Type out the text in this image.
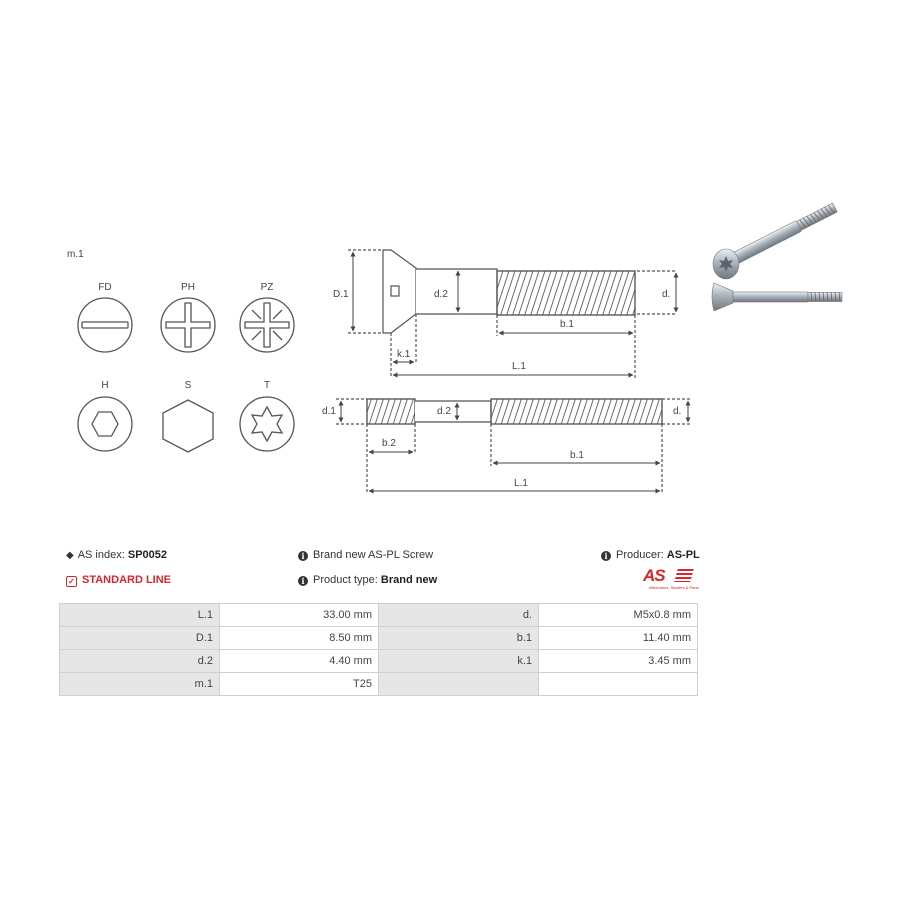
m.1
FD	PH	PZ
H	S	T
D.1	d.2	d.
b.1
k.1
L.1
d.1	d.2	d.
b.2
b.1
L.1
◆ AS index: SP0052
✓ STANDARD LINE
i Brand new AS-PL Screw
i Product type: Brand new
i Producer: AS-PL
AS
Alternators, Starters & Parts
L.1	33.00 mm	d.	M5x0.8 mm
D.1	8.50 mm	b.1	11.40 mm
d.2	4.40 mm	k.1	3.45 mm
m.1	T25		
